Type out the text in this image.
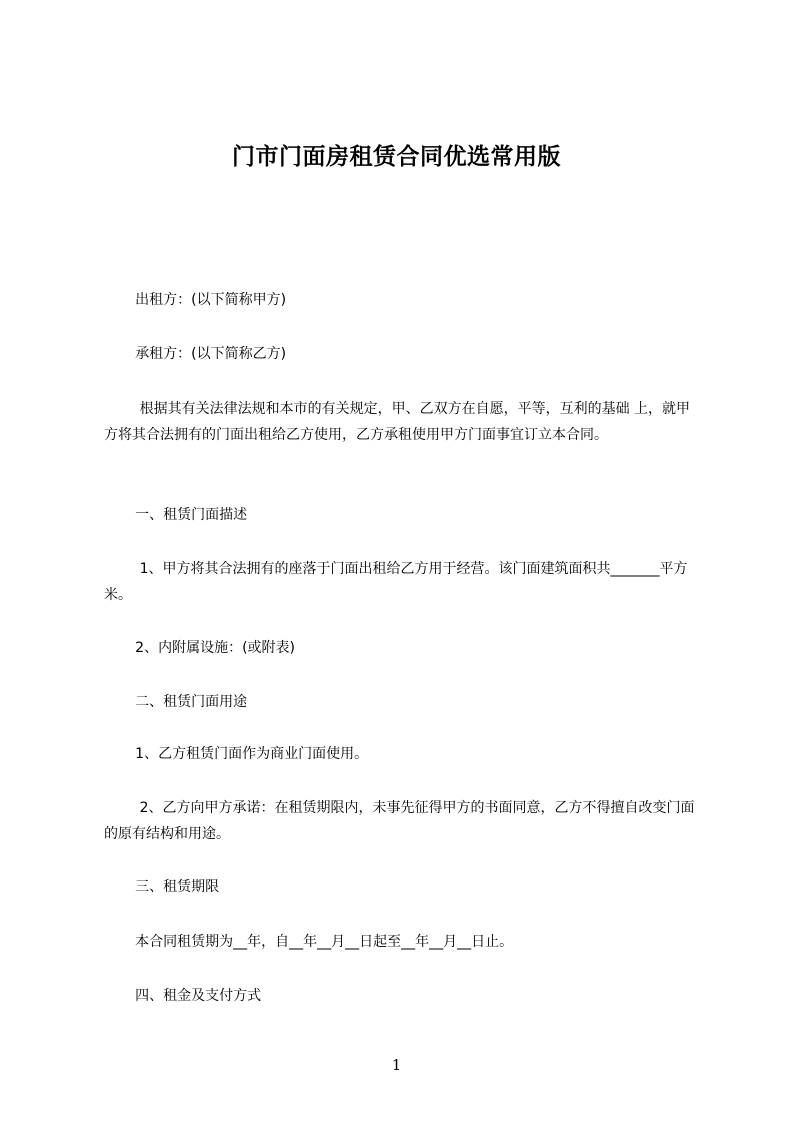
门市门面房租赁合同优选常用版

出租方：(以下简称甲方)

承租方：(以下简称乙方)

根据其有关法律法规和本市的有关规定，甲、乙双方在自愿，平等，互利的基础 上，就甲方将其合法拥有的门面出租给乙方使用，乙方承租使用甲方门面事宜订立本合同。

一、租赁门面描述

1、甲方将其合法拥有的座落于门面出租给乙方用于经营。该门面建筑面积共_______平方米。

2、内附属设施：(或附表)

二、租赁门面用途

1、乙方租赁门面作为商业门面使用。

2、乙方向甲方承诺：在租赁期限内，未事先征得甲方的书面同意，乙方不得擅自改变门面的原有结构和用途。

三、租赁期限

本合同租赁期为__年，自__年__月__日起至__年__月__日止。

四、租金及支付方式

1
